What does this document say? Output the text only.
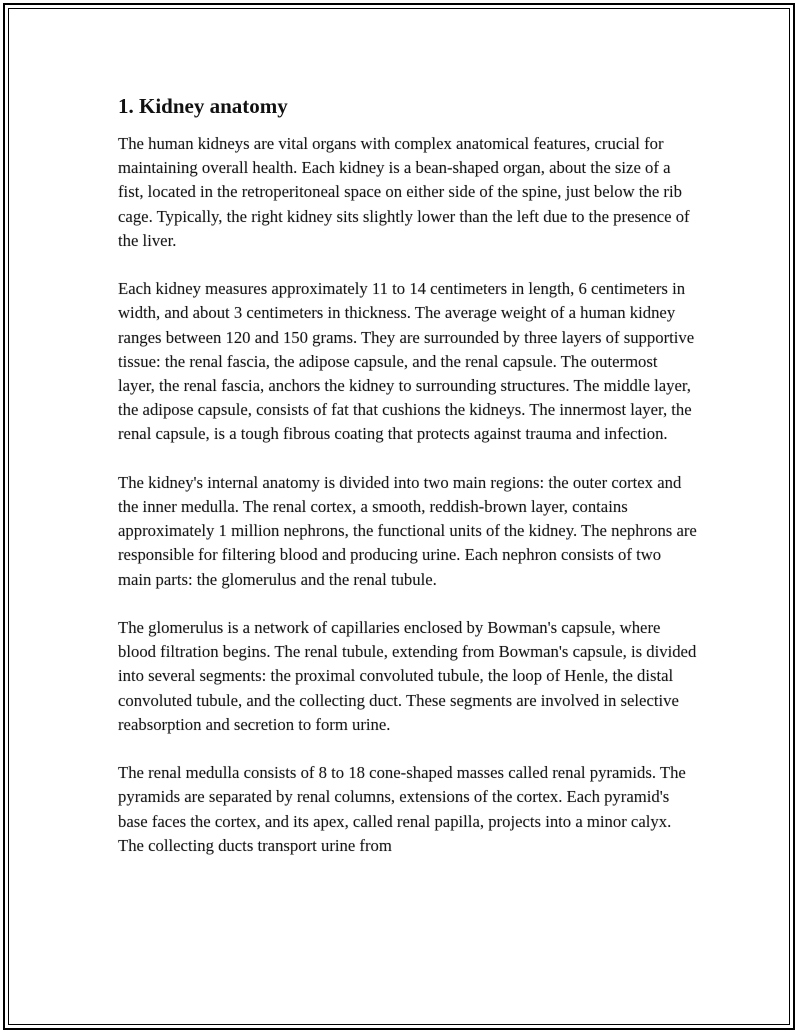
1. Kidney anatomy

The human kidneys are vital organs with complex anatomical features, crucial for maintaining overall health. Each kidney is a bean-shaped organ, about the size of a fist, located in the retroperitoneal space on either side of the spine, just below the rib cage. Typically, the right kidney sits slightly lower than the left due to the presence of the liver.

Each kidney measures approximately 11 to 14 centimeters in length, 6 centimeters in width, and about 3 centimeters in thickness. The average weight of a human kidney ranges between 120 and 150 grams. They are surrounded by three layers of supportive tissue: the renal fascia, the adipose capsule, and the renal capsule. The outermost layer, the renal fascia, anchors the kidney to surrounding structures. The middle layer, the adipose capsule, consists of fat that cushions the kidneys. The innermost layer, the renal capsule, is a tough fibrous coating that protects against trauma and infection.

The kidney's internal anatomy is divided into two main regions: the outer cortex and the inner medulla. The renal cortex, a smooth, reddish-brown layer, contains approximately 1 million nephrons, the functional units of the kidney. The nephrons are responsible for filtering blood and producing urine. Each nephron consists of two main parts: the glomerulus and the renal tubule.

The glomerulus is a network of capillaries enclosed by Bowman's capsule, where blood filtration begins. The renal tubule, extending from Bowman's capsule, is divided into several segments: the proximal convoluted tubule, the loop of Henle, the distal convoluted tubule, and the collecting duct. These segments are involved in selective reabsorption and secretion to form urine.

The renal medulla consists of 8 to 18 cone-shaped masses called renal pyramids. The pyramids are separated by renal columns, extensions of the cortex. Each pyramid's base faces the cortex, and its apex, called renal papilla, projects into a minor calyx. The collecting ducts transport urine from
